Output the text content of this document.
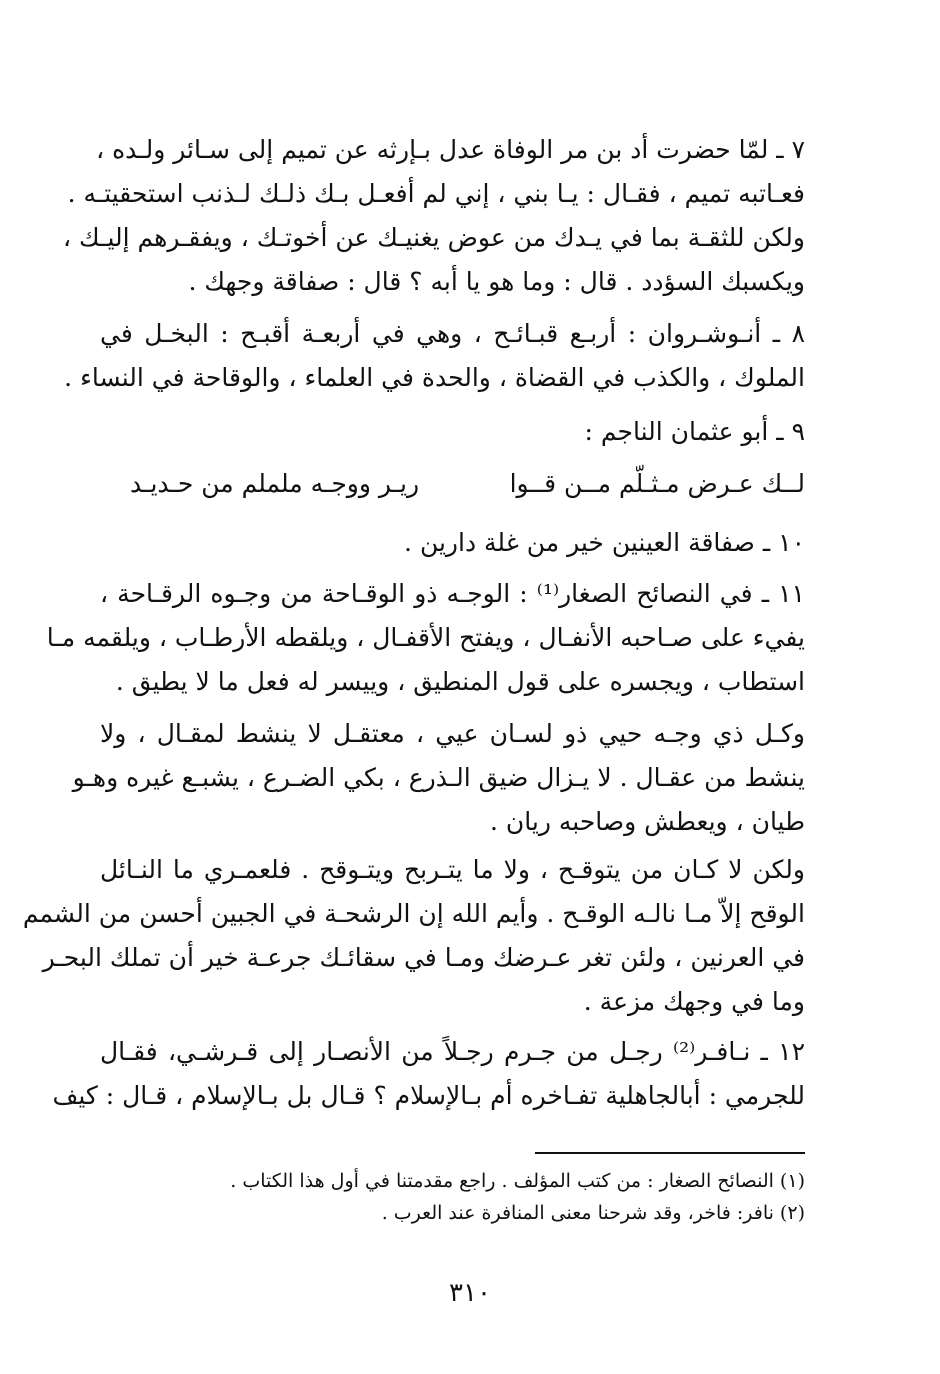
٧ ـ لمّا حضرت أد بن مر الوفاة عدل بـإرثه عن تميم إلى سـائر ولـده ،
فعـاتبه تميم ، فقـال : يـا بني ، إني لم أفعـل بـك ذلـك لـذنب استحقيتـه .
ولكن للثقـة بما في يـدك من عوض يغنيـك عن أخوتـك ، ويفقـرهم إليـك ،
ويكسبك السؤدد . قال : وما هو يا أبه ؟ قال : صفاقة وجهك .
٨ ـ أنـوشـروان : أربـع قبـائـح ، وهي في أربعـة أقبـح : البخـل في
الملوك ، والكذب في القضاة ، والحدة في العلماء ، والوقاحة في النساء .
٩ ـ أبو عثمان الناجم :
لــك عـرض مـثـلّم مــن قــوا
ريـر ووجـه ململم من حـديـد
١٠ ـ صفاقة العينين خير من غلة دارين .
١١ ـ في النصائح الصغار⁽¹⁾ : الوجـه ذو الوقـاحة من وجـوه الرقـاحة ،
يفيء على صـاحبه الأنفـال ، ويفتح الأقفـال ، ويلقطه الأرطـاب ، ويلقمه مـا
استطاب ، ويجسره على قول المنطيق ، وييسر له فعل ما لا يطيق .
وكـل ذي وجـه حيي ذو لسـان عيي ، معتقـل لا ينشط لمقـال ، ولا
ينشط من عقـال . لا يـزال ضيق الـذرع ، بكي الضـرع ، يشبـع غيره وهـو
طيان ، ويعطش وصاحبه ريان .
ولكن لا كـان من يتوقـح ، ولا ما يتـربح ويتـوقح . فلعمـري ما النـائل
الوقح إلاّ مـا نالـه الوقـح . وأيم الله إن الرشحـة في الجبين أحسن من الشمم
في العرنين ، ولئن تغر عـرضك ومـا في سقائـك جرعـة خير أن تملك البحـر
وما في وجهك مزعة .
١٢ ـ نـافـر⁽²⁾ رجـل من جـرم رجـلاً من الأنصـار إلى قـرشـي، فقـال
للجرمي : أبالجاهلية تفـاخره أم بـالإسلام ؟ قـال بل بـالإسلام ، قـال : كيف
(١) النصائح الصغار : من كتب المؤلف . راجع مقدمتنا في أول هذا الكتاب .
(٢) نافر: فاخر، وقد شرحنا معنى المنافرة عند العرب .
٣١٠
